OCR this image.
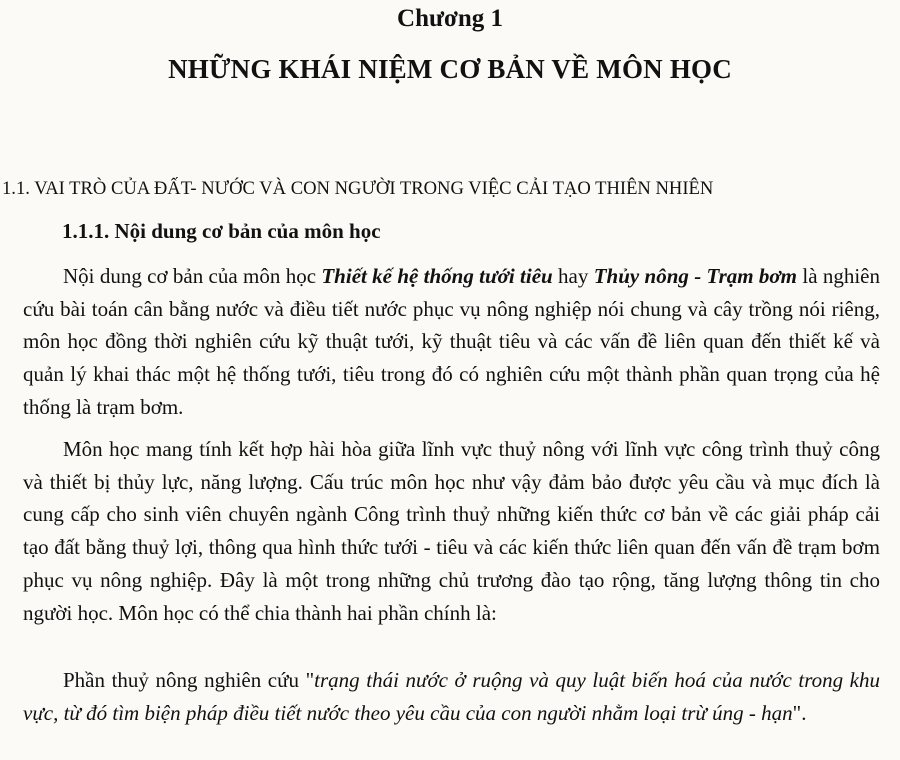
Chương 1
NHỮNG KHÁI NIỆM CƠ BẢN VỀ MÔN HỌC
1.1. VAI TRÒ CỦA ĐẤT- NƯỚC VÀ CON NGƯỜI TRONG VIỆC CẢI TẠO THIÊN NHIÊN
1.1.1. Nội dung cơ bản của môn học

Nội dung cơ bản của môn học Thiết kế hệ thống tưới tiêu hay Thủy nông - Trạm bơm là nghiên cứu bài toán cân bằng nước và điều tiết nước phục vụ nông nghiệp nói chung và cây trồng nói riêng, môn học đồng thời nghiên cứu kỹ thuật tưới, kỹ thuật tiêu và các vấn đề liên quan đến thiết kế và quản lý khai thác một hệ thống tưới, tiêu trong đó có nghiên cứu một thành phần quan trọng của hệ thống là trạm bơm.

Môn học mang tính kết hợp hài hòa giữa lĩnh vực thuỷ nông với lĩnh vực công trình thuỷ công và thiết bị thủy lực, năng lượng. Cấu trúc môn học như vậy đảm bảo được yêu cầu và mục đích là cung cấp cho sinh viên chuyên ngành Công trình thuỷ những kiến thức cơ bản về các giải pháp cải tạo đất bằng thuỷ lợi, thông qua hình thức tưới - tiêu và các kiến thức liên quan đến vấn đề trạm bơm phục vụ nông nghiệp. Đây là một trong những chủ trương đào tạo rộng, tăng lượng thông tin cho người học. Môn học có thể chia thành hai phần chính là:

Phần thuỷ nông nghiên cứu "trạng thái nước ở ruộng và quy luật biến hoá của nước trong khu vực, từ đó tìm biện pháp điều tiết nước theo yêu cầu của con người nhằm loại trừ úng - hạn".
